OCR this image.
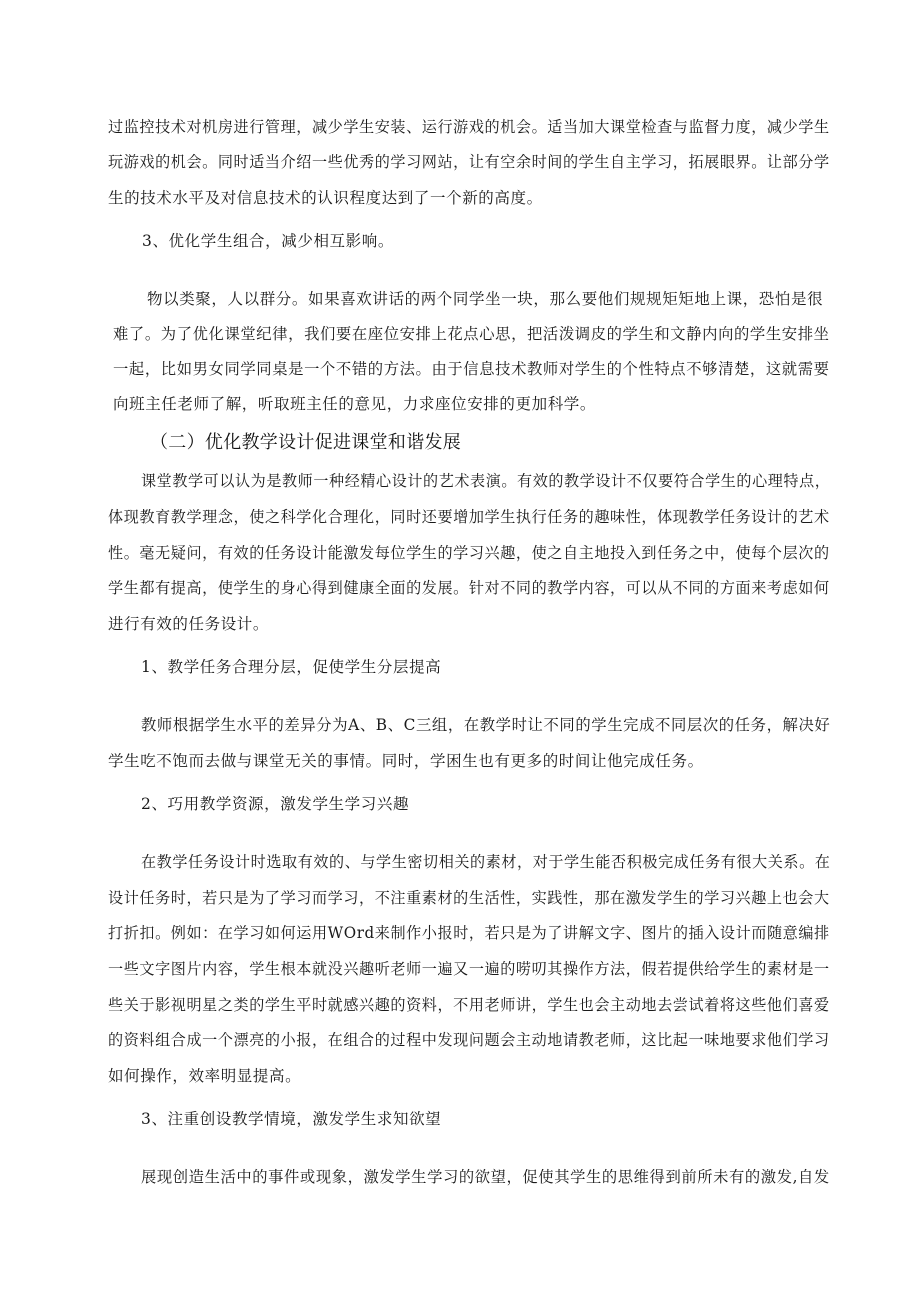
过监控技术对机房进行管理，减少学生安装、运行游戏的机会。适当加大课堂检查与监督力度，减少学生
玩游戏的机会。同时适当介绍一些优秀的学习网站，让有空余时间的学生自主学习，拓展眼界。让部分学
生的技术水平及对信息技术的认识程度达到了一个新的高度。
3、优化学生组合，减少相互影响。
物以类聚，人以群分。如果喜欢讲话的两个同学坐一块，那么要他们规规矩矩地上课，恐怕是很
难了。为了优化课堂纪律，我们要在座位安排上花点心思，把活泼调皮的学生和文静内向的学生安排坐
一起，比如男女同学同桌是一个不错的方法。由于信息技术教师对学生的个性特点不够清楚，这就需要
向班主任老师了解，听取班主任的意见，力求座位安排的更加科学。
（二）优化教学设计促进课堂和谐发展
课堂教学可以认为是教师一种经精心设计的艺术表演。有效的教学设计不仅要符合学生的心理特点，
体现教育教学理念，使之科学化合理化，同时还要增加学生执行任务的趣味性，体现教学任务设计的艺术
性。毫无疑问，有效的任务设计能激发每位学生的学习兴趣，使之自主地投入到任务之中，使每个层次的
学生都有提高，使学生的身心得到健康全面的发展。针对不同的教学内容，可以从不同的方面来考虑如何
进行有效的任务设计。
1、教学任务合理分层，促使学生分层提高
教师根据学生水平的差异分为A、B、C三组，在教学时让不同的学生完成不同层次的任务，解决好
学生吃不饱而去做与课堂无关的事情。同时，学困生也有更多的时间让他完成任务。
2、巧用教学资源，激发学生学习兴趣
在教学任务设计时选取有效的、与学生密切相关的素材，对于学生能否积极完成任务有很大关系。在
设计任务时，若只是为了学习而学习，不注重素材的生活性，实践性，那在激发学生的学习兴趣上也会大
打折扣。例如：在学习如何运用WOrd来制作小报时，若只是为了讲解文字、图片的插入设计而随意编排
一些文字图片内容，学生根本就没兴趣听老师一遍又一遍的唠叨其操作方法，假若提供给学生的素材是一
些关于影视明星之类的学生平时就感兴趣的资料，不用老师讲，学生也会主动地去尝试着将这些他们喜爱
的资料组合成一个漂亮的小报，在组合的过程中发现问题会主动地请教老师，这比起一味地要求他们学习
如何操作，效率明显提高。
3、注重创设教学情境，激发学生求知欲望
展现创造生活中的事件或现象，激发学生学习的欲望，促使其学生的思维得到前所未有的激发,自发
